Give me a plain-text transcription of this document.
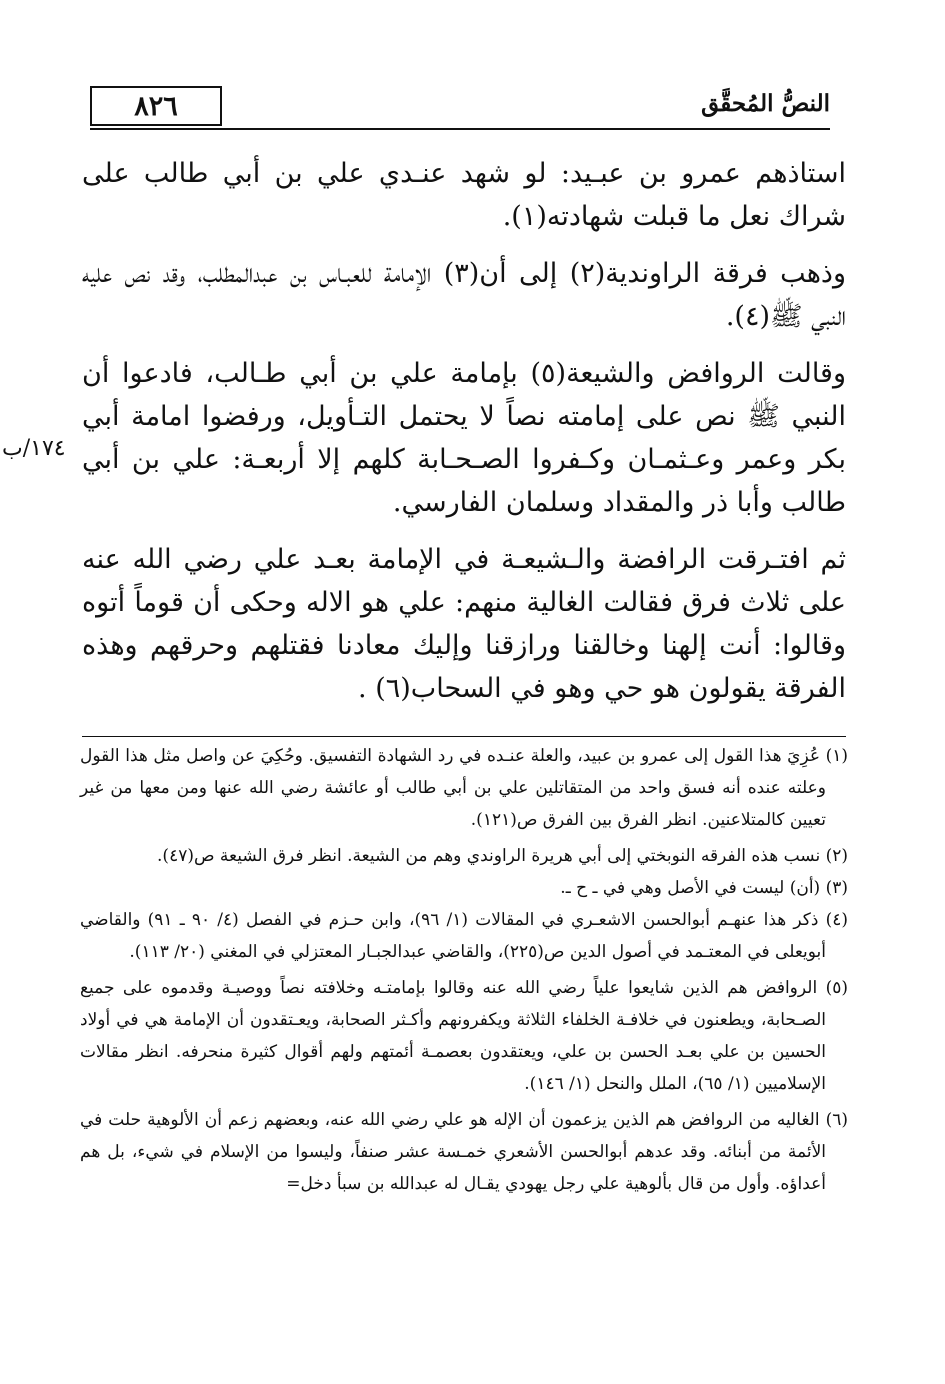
٨٢٦	النصُّ المُحقَّق
١٧٤/ب

استاذهم عمرو بن عبـيد: لو شهد عنـدي علي بن أبي طالب على شراك نعل ما قبلت شهادته(١).

وذهب فرقة الراوندية(٢) إلى أن(٣) الإمامة للعبـاس بن عبدالمطلب، وقد نص عليه النبي ﷺ(٤).

وقالت الروافض والشيعة(٥) بإمامة علي بن أبي طـالب، فادعوا أن النبي ﷺ نص على إمامته نصاً لا يحتمل التـأويل، ورفضوا امامة أبي بكر وعمر وعـثمـان وكـفروا الصـحـابة كلهم إلا أربعـة: علي بن أبي طالب وأبا ذر والمقداد وسلمان الفارسي.

ثم افتـرقت الرافضة والـشيعـة في الإمامة بعـد علي رضي الله عنه على ثلاث فرق فقالت الغالية منهم: علي هو الاله وحكى أن قوماً أتوه وقالوا: أنت إلهنا وخالقنا ورازقنا وإليك معادنا فقتلهم وحرقهم وهذه الفرقة يقولون هو حي وهو في السحاب(٦) .

(١) عُزِيَ هذا القول إلى عمرو بن عبيد، والعلة عنـده في رد الشهادة التفسيق. وحُكِيَ عن واصل مثل هذا القول وعلته عنده أنه فسق واحد من المتقاتلين علي بن أبي طالب أو عائشة رضي الله عنها ومن معها من غير تعيين كالمتلاعنين. انظر الفرق بين الفرق ص(١٢١).

(٢) نسب هذه الفرقه النوبختي إلى أبي هريرة الراوندي وهم من الشيعة. انظر فرق الشيعة ص(٤٧).

(٣) (أن) ليست في الأصل وهي في ـ ح ـ.

(٤) ذكر هذا عنهـم أبوالحسن الاشعـري في المقالات (١/ ٩٦)، وابن حـزم في الفصل (٤/ ٩٠ ـ ٩١) والقاضي أبويعلى في المعتـمد في أصول الدين ص(٢٢٥)، والقاضي عبدالجبـار المعتزلي في المغني (٢٠/ ١١٣).

(٥) الروافض هم الذين شايعوا علياً رضي الله عنه وقالوا بإمامتـه وخلافته نصاً ووصيـة وقدموه على جميع الصـحابة، ويطعنون في خلافـة الخلفاء الثلاثة ويكفرونهم وأكـثر الصحابة، ويعـتقدون أن الإمامة هي في أولاد الحسين بن علي بعـد الحسن بن علي، ويعتقدون بعصمـة أئمتهم ولهم أقوال كثيرة منحرفه. انظر مقالات الإسلاميين (١/ ٦٥)، الملل والنحل (١/ ١٤٦).

(٦) الغاليه من الروافض هم الذين يزعمون أن الإله هو علي رضي الله عنه، وبعضهم زعم أن الألوهية حلت في الأئمة من أبنائه. وقد عدهم أبوالحسن الأشعري خمـسة عشر صنفاً، وليسوا من الإسلام في شيء، بل هم أعداؤه. وأول من قال بألوهية علي رجل يهودي يقـال له عبدالله بن سبأ دخل=
